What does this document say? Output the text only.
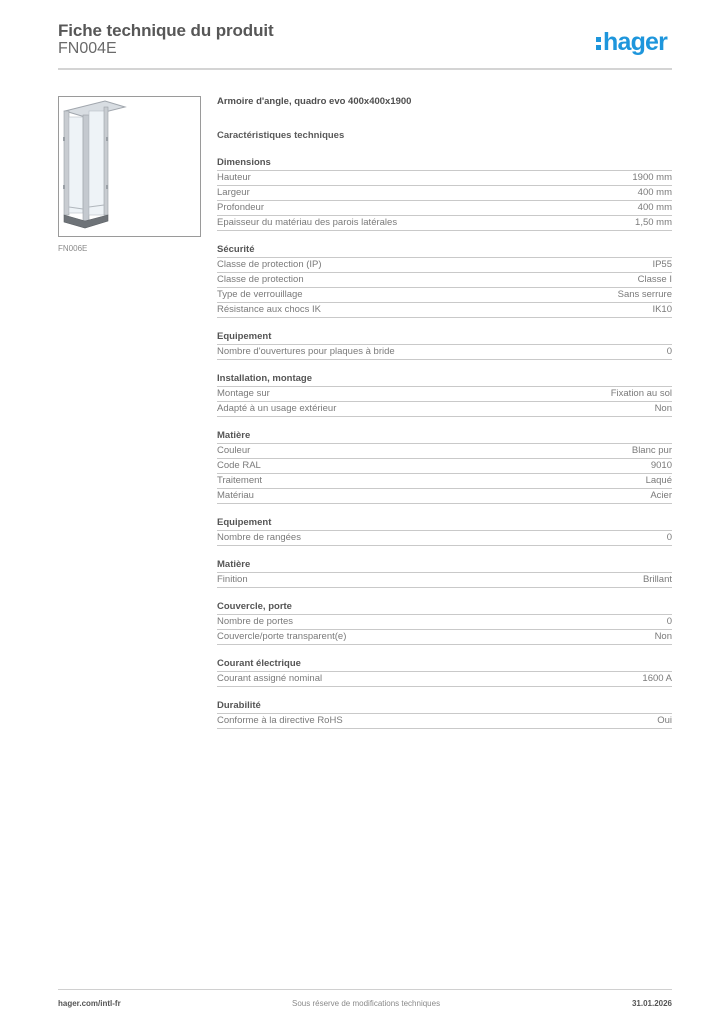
Fiche technique du produit
FN004E	hager
FN006E
Armoire d'angle, quadro evo 400x400x1900
Caractéristiques techniques
Dimensions
Hauteur	1900 mm
Largeur	400 mm
Profondeur	400 mm
Epaisseur du matériau des parois latérales	1,50 mm
Sécurité
Classe de protection (IP)	IP55
Classe de protection	Classe I
Type de verrouillage	Sans serrure
Résistance aux chocs IK	IK10
Equipement
Nombre d'ouvertures pour plaques à bride	0
Installation, montage
Montage sur	Fixation au sol
Adapté à un usage extérieur	Non
Matière
Couleur	Blanc pur
Code RAL	9010
Traitement	Laqué
Matériau	Acier
Equipement
Nombre de rangées	0
Matière
Finition	Brillant
Couvercle, porte
Nombre de portes	0
Couvercle/porte transparent(e)	Non
Courant électrique
Courant assigné nominal	1600 A
Durabilité
Conforme à la directive RoHS	Oui
hager.com/intl-fr	Sous réserve de modifications techniques	31.01.2026
